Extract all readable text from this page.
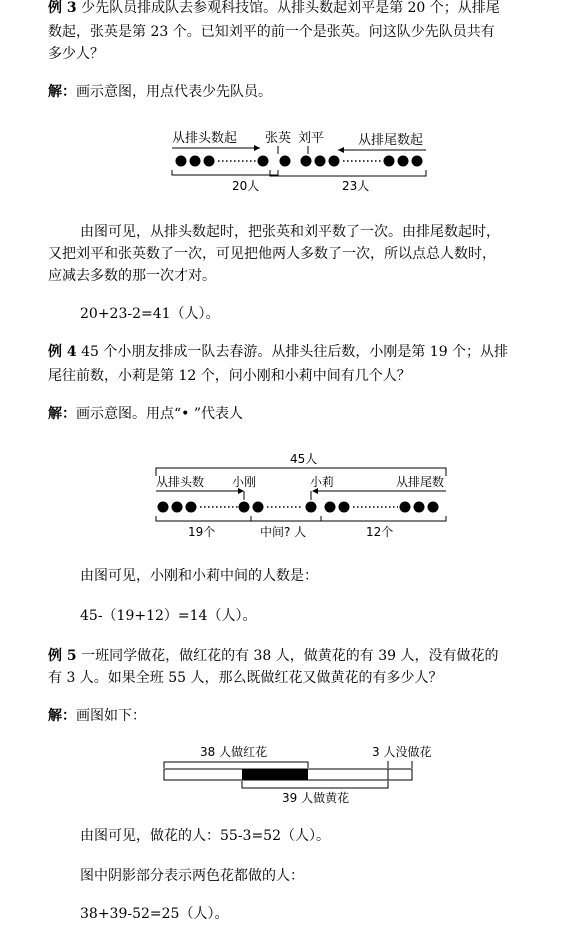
例 3 少先队员排成队去参观科技馆。从排头数起刘平是第 20 个；从排尾
数起，张英是第 23 个。已知刘平的前一个是张英。问这队少先队员共有
多少人？
解：画示意图，用点代表少先队员。
从排头数起 张英 刘平	从排尾数起
20人	23人
由图可见，从排头数起时，把张英和刘平数了一次。由排尾数起时，
又把刘平和张英数了一次，可见把他两人多数了一次，所以点总人数时，
应减去多数的那一次才对。
20+23-2=41（人）。
例 4 45 个小朋友排成一队去春游。从排头往后数，小刚是第 19 个；从排
尾往前数，小莉是第 12 个，问小刚和小莉中间有几个人？
解：画示意图。用点“• ”代表人
45人
从排头数 小刚	小莉	从排尾数
19个	中间? 人	12个
由图可见，小刚和小莉中间的人数是：
45-（19+12）=14（人）。
例 5 一班同学做花，做红花的有 38 人，做黄花的有 39 人，没有做花的
有 3 人。如果全班 55 人，那么既做红花又做黄花的有多少人？
解：画图如下：
38 人做红花	3 人没做花
39 人做黄花
由图可见，做花的人：55-3=52（人）。
图中阴影部分表示两色花都做的人：
38+39-52=25（人）。
